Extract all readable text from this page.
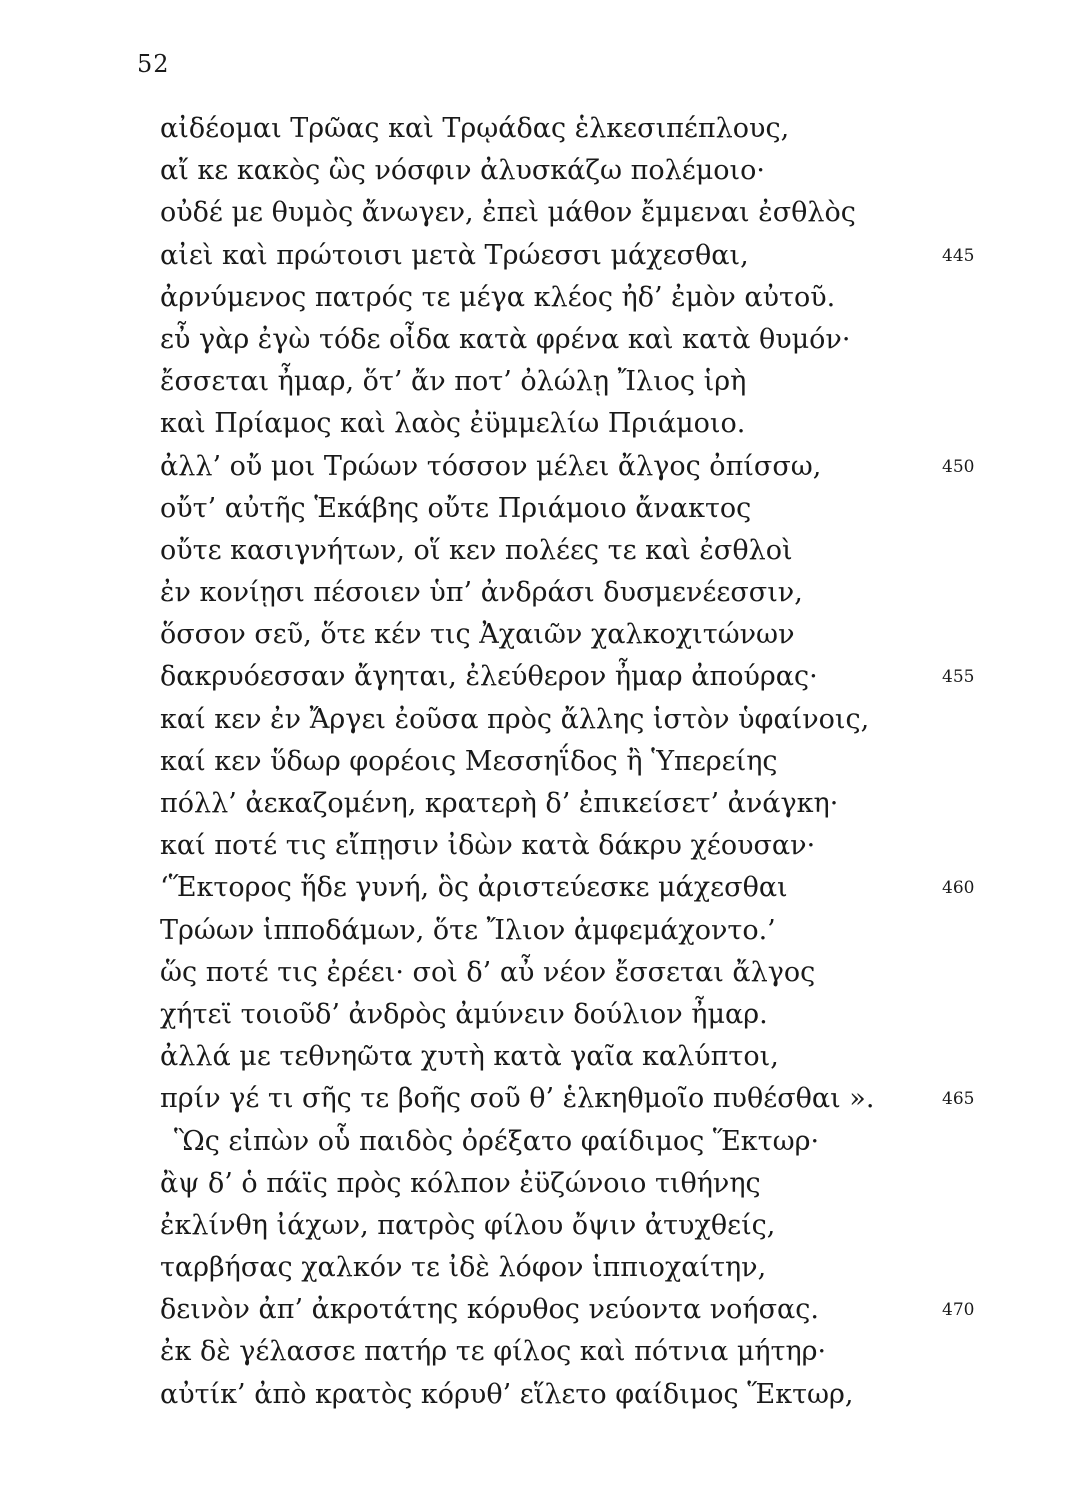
52
αἰδέομαι Τρῶας καὶ Τρῳάδας ἑλκεσιπέπλους,
αἴ κε κακὸς ὣς νόσφιν ἀλυσκάζω πολέμοιο·
οὐδέ με θυμὸς ἄνωγεν, ἐπεὶ μάθον ἔμμεναι ἐσθλὸς
αἰεὶ καὶ πρώτοισι μετὰ Τρώεσσι μάχεσθαι,	445
ἀρνύμενος πατρός τε μέγα κλέος ἠδ’ ἐμὸν αὐτοῦ.
εὖ γὰρ ἐγὼ τόδε οἶδα κατὰ φρένα καὶ κατὰ θυμόν·
ἔσσεται ἦμαρ, ὅτ’ ἄν ποτ’ ὀλώλῃ Ἴλιος ἱρὴ
καὶ Πρίαμος καὶ λαὸς ἐϋμμελίω Πριάμοιο.
ἀλλ’ οὔ μοι Τρώων τόσσον μέλει ἄλγος ὀπίσσω,	450
οὔτ’ αὐτῆς Ἑκάβης οὔτε Πριάμοιο ἄνακτος
οὔτε κασιγνήτων, οἵ κεν πολέες τε καὶ ἐσθλοὶ
ἐν κονίῃσι πέσοιεν ὑπ’ ἀνδράσι δυσμενέεσσιν,
ὅσσον σεῦ, ὅτε κέν τις Ἀχαιῶν χαλκοχιτώνων
δακρυόεσσαν ἄγηται, ἐλεύθερον ἦμαρ ἀπούρας·	455
καί κεν ἐν Ἄργει ἐοῦσα πρὸς ἄλλης ἱστὸν ὑφαίνοις,
καί κεν ὕδωρ φορέοις Μεσσηΐδος ἢ Ὑπερείης
πόλλ’ ἀεκαζομένη, κρατερὴ δ’ ἐπικείσετ’ ἀνάγκη·
καί ποτέ τις εἴπῃσιν ἰδὼν κατὰ δάκρυ χέουσαν·
‘Ἕκτορος ἥδε γυνή, ὃς ἀριστεύεσκε μάχεσθαι	460
Τρώων ἱπποδάμων, ὅτε Ἴλιον ἀμφεμάχοντο.’
ὥς ποτέ τις ἐρέει· σοὶ δ’ αὖ νέον ἔσσεται ἄλγος
χήτεϊ τοιοῦδ’ ἀνδρὸς ἀμύνειν δούλιον ἦμαρ.
ἀλλά με τεθνηῶτα χυτὴ κατὰ γαῖα καλύπτοι,
πρίν γέ τι σῆς τε βοῆς σοῦ θ’ ἑλκηθμοῖο πυθέσθαι ».	465
Ὣς εἰπὼν οὗ παιδὸς ὀρέξατο φαίδιμος Ἕκτωρ·
ἂψ δ’ ὁ πάϊς πρὸς κόλπον ἐϋζώνοιο τιθήνης
ἐκλίνθη ἰάχων, πατρὸς φίλου ὄψιν ἀτυχθείς,
ταρβήσας χαλκόν τε ἰδὲ λόφον ἱππιοχαίτην,
δεινὸν ἀπ’ ἀκροτάτης κόρυθος νεύοντα νοήσας.	470
ἐκ δὲ γέλασσε πατήρ τε φίλος καὶ πότνια μήτηρ·
αὐτίκ’ ἀπὸ κρατὸς κόρυθ’ εἵλετο φαίδιμος Ἕκτωρ,
